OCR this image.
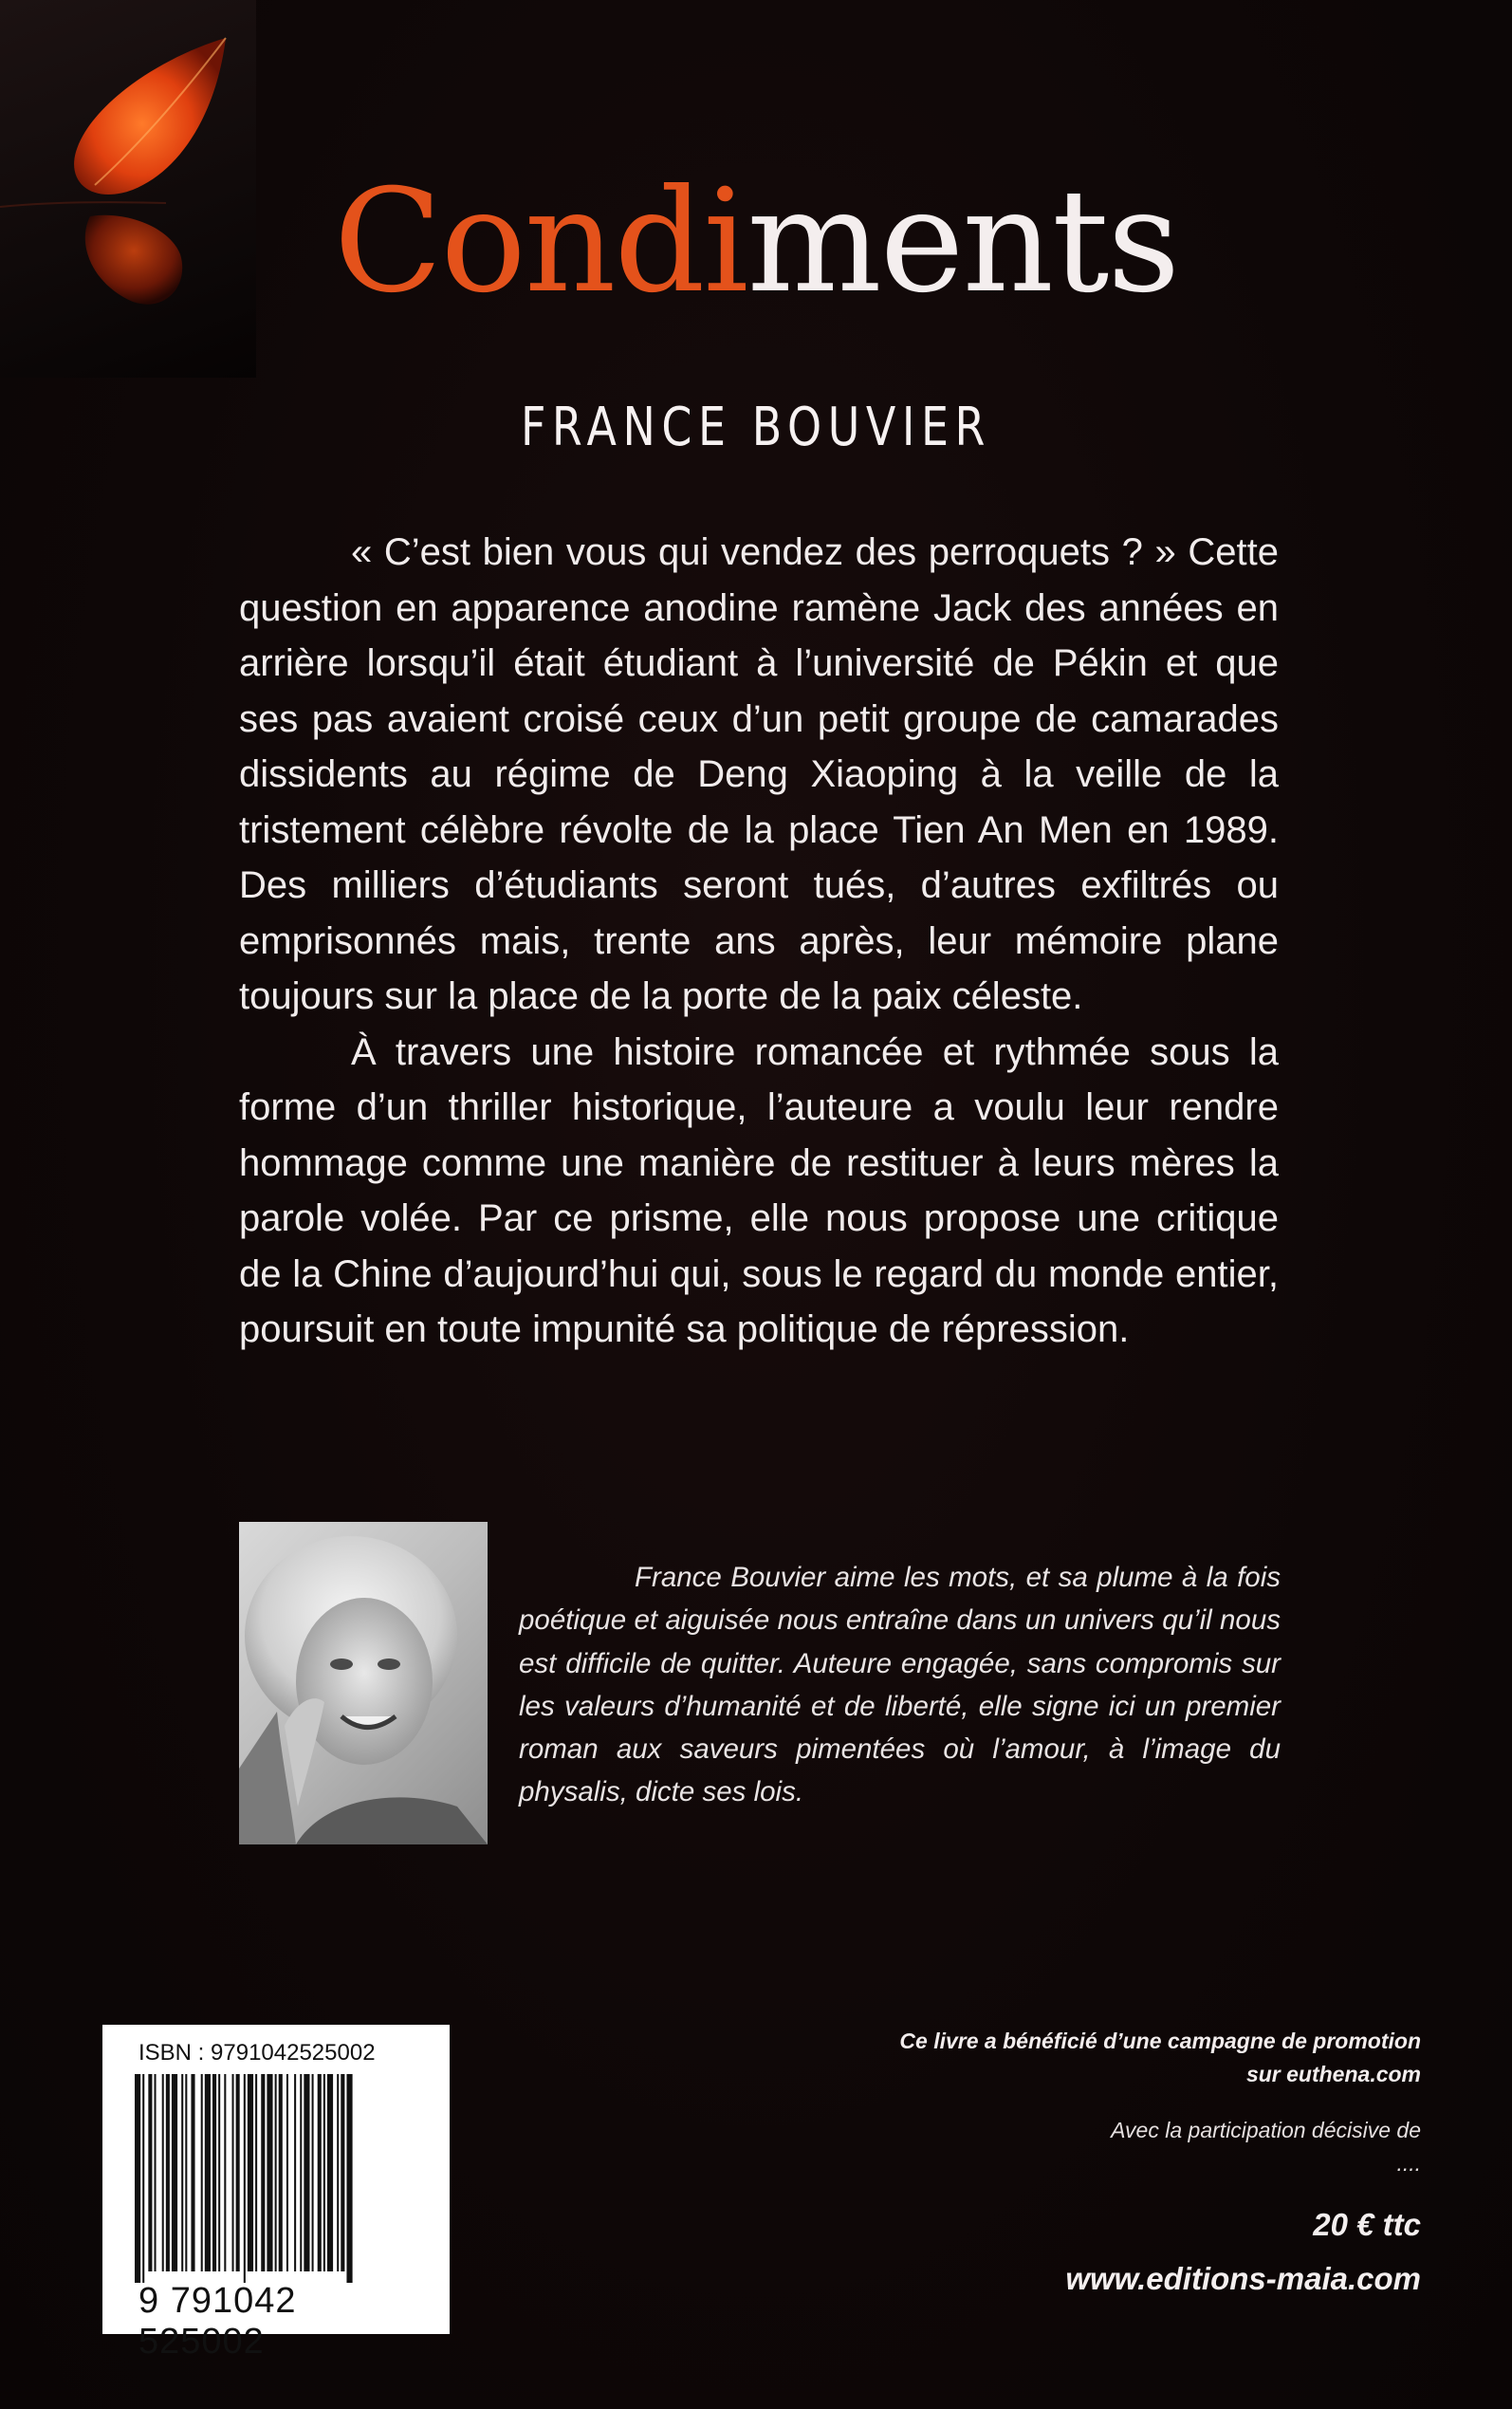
Condiments
FRANCE BOUVIER

« C’est bien vous qui vendez des perroquets ? » Cette question en apparence anodine ramène Jack des années en arrière lorsqu’il était étudiant à l’université de Pékin et que ses pas avaient croisé ceux d’un petit groupe de camarades dissidents au régime de Deng Xiaoping à la veille de la tristement célèbre révolte de la place Tien An Men en 1989. Des milliers d’étudiants seront tués, d’autres exfiltrés ou emprisonnés mais, trente ans après, leur mémoire plane toujours sur la place de la porte de la paix céleste.

À travers une histoire romancée et rythmée sous la forme d’un thriller historique, l’auteure a voulu leur rendre hommage comme une manière de restituer à leurs mères la parole volée. Par ce prisme, elle nous propose une critique de la Chine d’aujourd’hui qui, sous le regard du monde entier, poursuit en toute impunité sa politique de répression.

France Bouvier aime les mots, et sa plume à la fois poétique et aiguisée nous entraîne dans un univers qu’il nous est difficile de quitter. Auteure engagée, sans compromis sur les valeurs d’humanité et de liberté, elle signe ici un premier roman aux saveurs pimentées où l’amour, à l’image du physalis, dicte ses lois.

ISBN : 9791042525002
9 791042 525002
Ce livre a bénéficié d’une campagne de promotion
sur euthena.com
Avec la participation décisive de
....
20 € ttc
www.editions-maia.com
